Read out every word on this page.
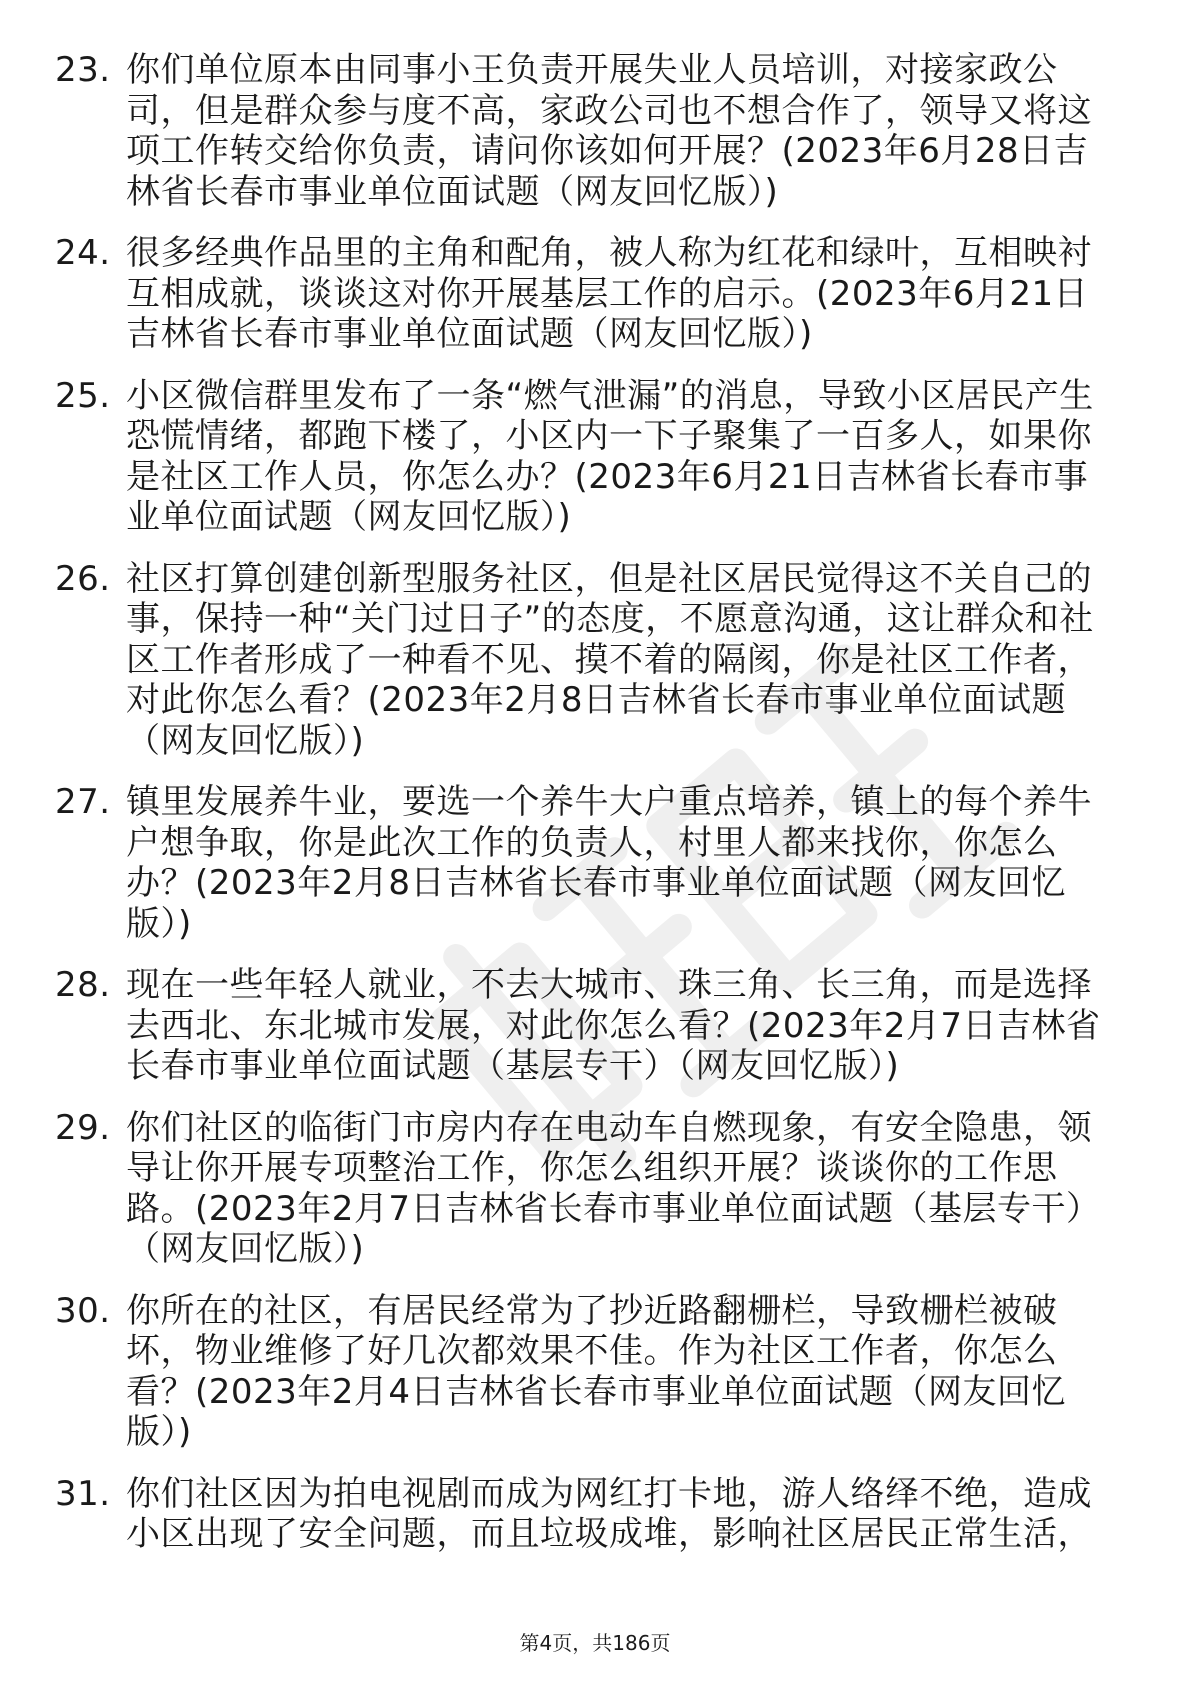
23. 你们单位原本由同事小王负责开展失业人员培训，对接家政公司，但是群众参与度不高，家政公司也不想合作了，领导又将这项工作转交给你负责，请问你该如何开展？(2023年6月28日吉林省长春市事业单位面试题（网友回忆版）)
24. 很多经典作品里的主角和配角，被人称为红花和绿叶，互相映衬互相成就，谈谈这对你开展基层工作的启示。(2023年6月21日吉林省长春市事业单位面试题（网友回忆版）)
25. 小区微信群里发布了一条“燃气泄漏”的消息，导致小区居民产生恐慌情绪，都跑下楼了，小区内一下子聚集了一百多人，如果你是社区工作人员，你怎么办？(2023年6月21日吉林省长春市事业单位面试题（网友回忆版）)
26. 社区打算创建创新型服务社区，但是社区居民觉得这不关自己的事，保持一种“关门过日子”的态度，不愿意沟通，这让群众和社区工作者形成了一种看不见、摸不着的隔阂，你是社区工作者，对此你怎么看？(2023年2月8日吉林省长春市事业单位面试题（网友回忆版）)
27. 镇里发展养牛业，要选一个养牛大户重点培养，镇上的每个养牛户想争取，你是此次工作的负责人，村里人都来找你，你怎么办？(2023年2月8日吉林省长春市事业单位面试题（网友回忆版）)
28. 现在一些年轻人就业，不去大城市、珠三角、长三角，而是选择去西北、东北城市发展，对此你怎么看？(2023年2月7日吉林省长春市事业单位面试题（基层专干）（网友回忆版）)
29. 你们社区的临街门市房内存在电动车自燃现象，有安全隐患，领导让你开展专项整治工作，你怎么组织开展？谈谈你的工作思路。(2023年2月7日吉林省长春市事业单位面试题（基层专干）（网友回忆版）)
30. 你所在的社区，有居民经常为了抄近路翻栅栏，导致栅栏被破坏，物业维修了好几次都效果不佳。作为社区工作者，你怎么看？(2023年2月4日吉林省长春市事业单位面试题（网友回忆版）)
31. 你们社区因为拍电视剧而成为网红打卡地，游人络绎不绝，造成小区出现了安全问题，而且垃圾成堆，影响社区居民正常生活，
第4页，共186页
